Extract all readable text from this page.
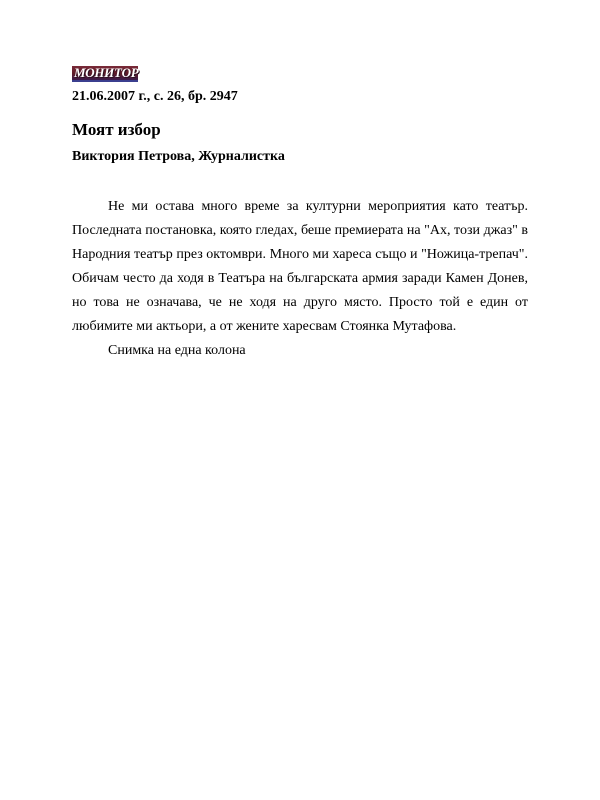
МОНИТОР
21.06.2007 г., с. 26, бр. 2947
Моят избор
Виктория Петрова, Журналистка

Не ми остава много време за културни мероприятия като театър. Последната постановка, която гледах, беше премиерата на "Ах, този джаз" в Народния театър през октомври. Много ми хареса също и "Ножица-трепач". Обичам често да ходя в Театъра на българската армия заради Камен Донев, но това не означава, че не ходя на друго място. Просто той е един от любимите ми актьори, а от жените харесвам Стоянка Мутафова.

Снимка на една колона
